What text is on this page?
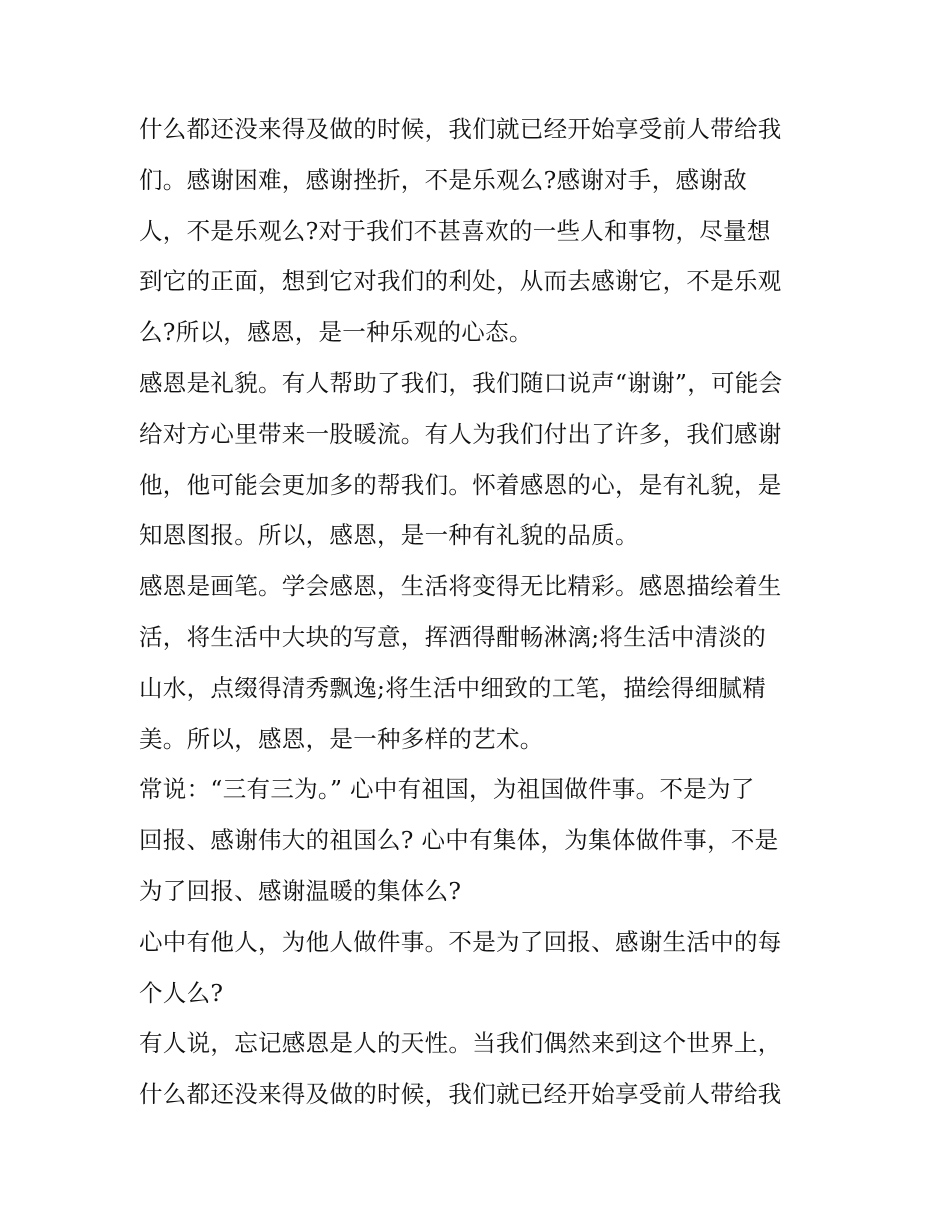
什么都还没来得及做的时候，我们就已经开始享受前人带给我
们。感谢困难，感谢挫折，不是乐观么?感谢对手，感谢敌
人，不是乐观么?对于我们不甚喜欢的一些人和事物，尽量想
到它的正面，想到它对我们的利处，从而去感谢它，不是乐观
么?所以，感恩，是一种乐观的心态。
感恩是礼貌。有人帮助了我们，我们随口说声“谢谢”，可能会
给对方心里带来一股暖流。有人为我们付出了许多，我们感谢
他，他可能会更加多的帮我们。怀着感恩的心，是有礼貌，是
知恩图报。所以，感恩，是一种有礼貌的品质。
感恩是画笔。学会感恩，生活将变得无比精彩。感恩描绘着生
活，将生活中大块的写意，挥洒得酣畅淋漓;将生活中清淡的
山水，点缀得清秀飘逸;将生活中细致的工笔，描绘得细腻精
美。所以，感恩，是一种多样的艺术。
常说：“三有三为。” 心中有祖国，为祖国做件事。不是为了
回报、感谢伟大的祖国么? 心中有集体，为集体做件事，不是
为了回报、感谢温暖的集体么?
心中有他人，为他人做件事。不是为了回报、感谢生活中的每
个人么?
有人说，忘记感恩是人的天性。当我们偶然来到这个世界上，
什么都还没来得及做的时候，我们就已经开始享受前人带给我
